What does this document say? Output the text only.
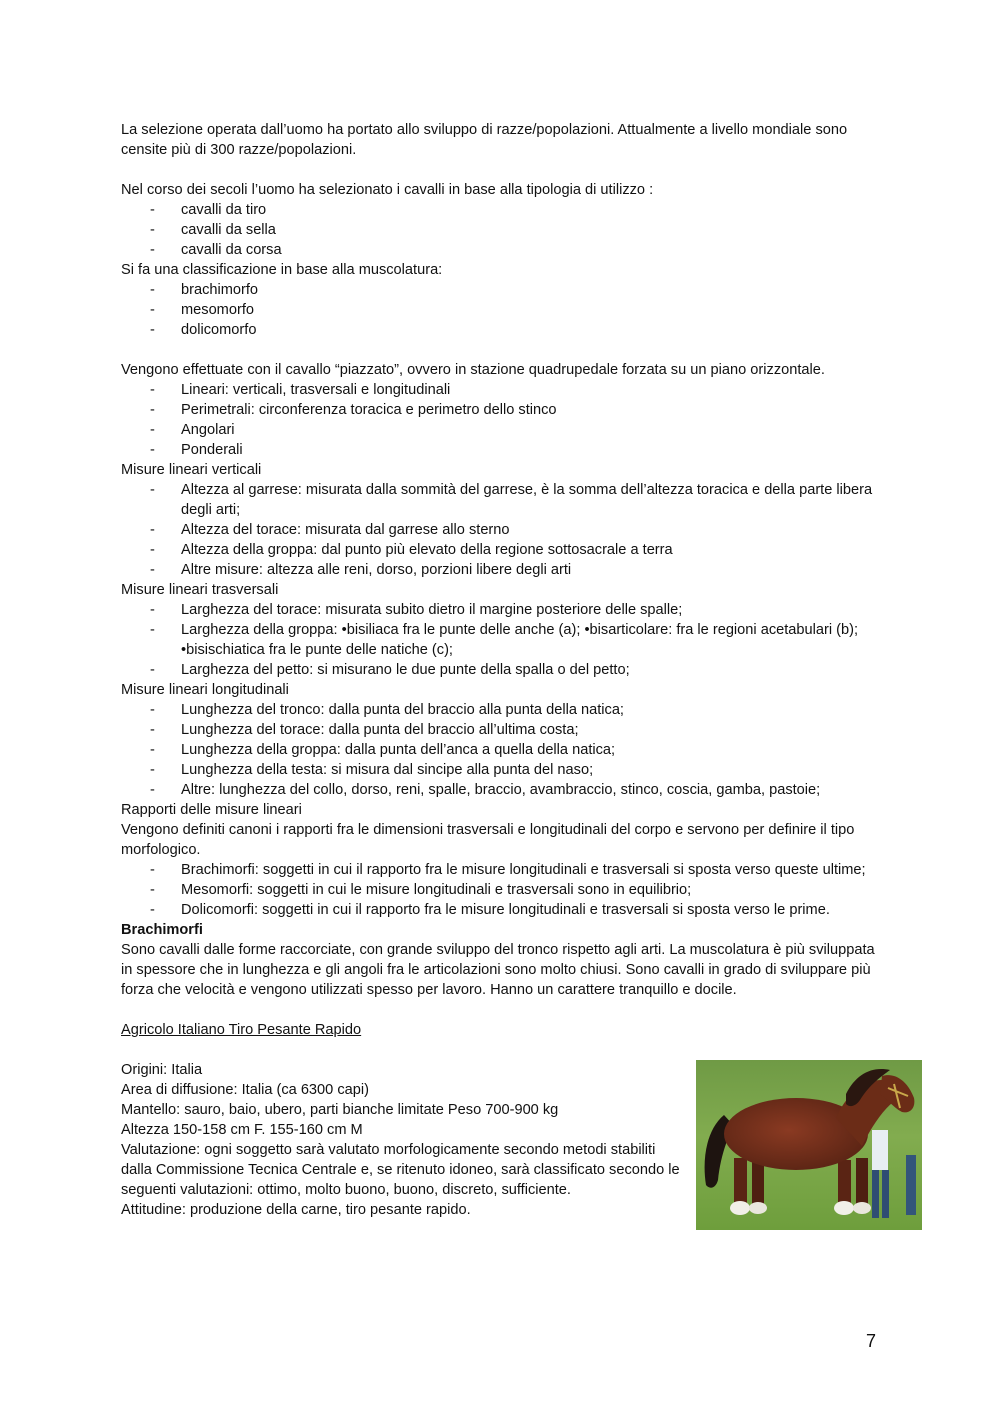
La selezione operata dall’uomo ha portato allo sviluppo di razze/popolazioni. Attualmente a livello mondiale sono censite più di 300 razze/popolazioni.

Nel corso dei secoli l’uomo ha selezionato i cavalli in base alla tipologia di utilizzo :

- cavalli da tiro
- cavalli da sella
- cavalli da corsa

Si fa una classificazione in base alla muscolatura:

- brachimorfo
- mesomorfo
- dolicomorfo

Vengono effettuate con il cavallo “piazzato”, ovvero in stazione quadrupedale forzata su un piano orizzontale.

- Lineari: verticali, trasversali e longitudinali
- Perimetrali: circonferenza toracica e perimetro dello stinco
- Angolari
- Ponderali

Misure lineari verticali

- Altezza al garrese: misurata dalla sommità del garrese, è la somma dell’altezza toracica e della parte libera degli arti;
- Altezza del torace: misurata dal garrese allo sterno
- Altezza della groppa: dal punto più elevato della regione sottosacrale a terra
- Altre misure: altezza alle reni, dorso, porzioni libere degli arti

Misure lineari trasversali

- Larghezza del torace: misurata subito dietro il margine posteriore delle spalle;
- Larghezza della groppa: •bisiliaca fra le punte delle anche (a); •bisarticolare: fra le regioni acetabulari (b); •bisischiatica fra le punte delle natiche (c);
- Larghezza del petto: si misurano le due punte della spalla o del petto;

Misure lineari longitudinali

- Lunghezza del tronco: dalla punta del braccio alla punta della natica;
- Lunghezza del torace: dalla punta del braccio all’ultima costa;
- Lunghezza della groppa: dalla punta dell’anca a quella della natica;
- Lunghezza della testa: si misura dal sincipe alla punta del naso;
- Altre: lunghezza del collo, dorso, reni, spalle, braccio, avambraccio, stinco, coscia, gamba, pastoie;

Rapporti delle misure lineari

Vengono definiti canoni i rapporti fra le dimensioni trasversali e longitudinali del corpo e servono per definire il tipo morfologico.

- Brachimorfi: soggetti in cui il rapporto fra le misure longitudinali e trasversali si sposta verso queste ultime;
- Mesomorfi: soggetti in cui le misure longitudinali e trasversali sono in equilibrio;
- Dolicomorfi: soggetti in cui il rapporto fra le misure longitudinali e trasversali si sposta verso le prime.

Brachimorfi

Sono cavalli dalle forme raccorciate, con grande sviluppo del tronco rispetto agli arti. La muscolatura è più sviluppata in spessore che in lunghezza e gli angoli fra le articolazioni sono molto chiusi. Sono cavalli in grado di sviluppare più forza che velocità e vengono utilizzati spesso per lavoro. Hanno un carattere tranquillo e docile.

Agricolo Italiano Tiro Pesante Rapido

Origini: Italia

Area di diffusione: Italia (ca 6300 capi)

Mantello: sauro, baio, ubero, parti bianche limitate Peso 700-900 kg

Altezza 150-158 cm F. 155-160 cm M

Valutazione: ogni soggetto sarà valutato morfologicamente secondo metodi stabiliti dalla Commissione Tecnica Centrale e, se ritenuto idoneo, sarà classificato secondo le seguenti valutazioni: ottimo, molto buono, buono, discreto, sufficiente.

Attitudine: produzione della carne, tiro pesante rapido.

7
